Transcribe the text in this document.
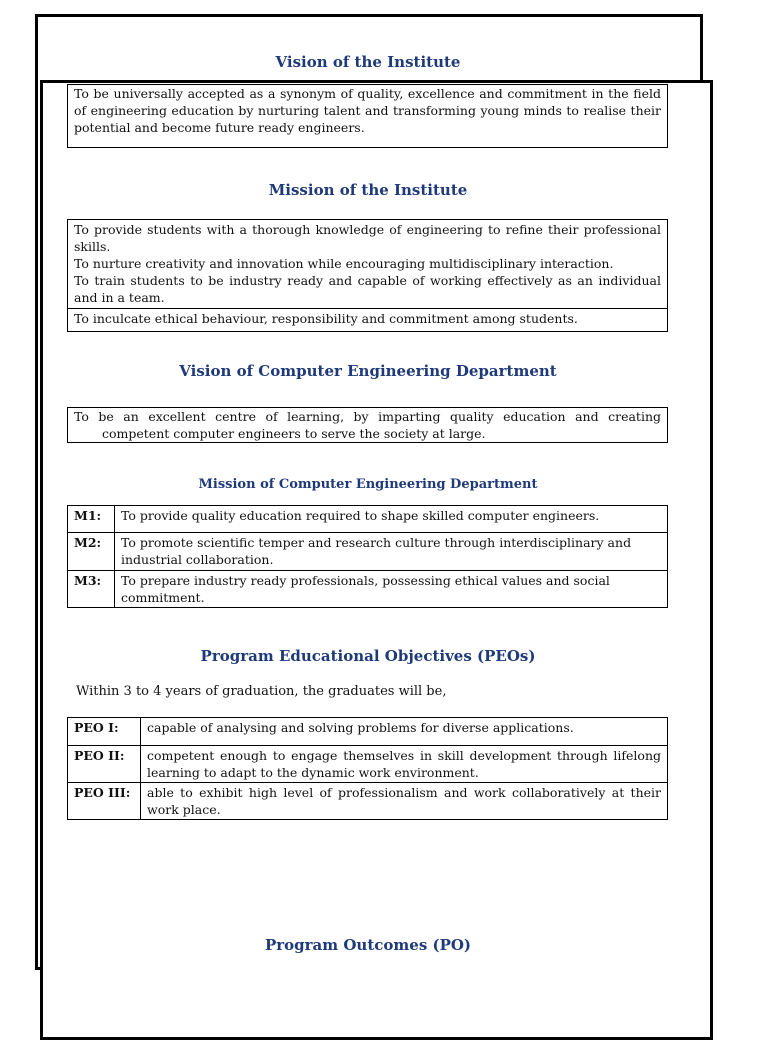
Vision of the Institute

To be universally accepted as a synonym of quality, excellence and commitment in the field of engineering education by nurturing talent and transforming young minds to realise their potential and become future ready engineers.

Mission of the Institute

To provide students with a thorough knowledge of engineering to refine their professional skills.

To nurture creativity and innovation while encouraging multidisciplinary interaction.

To train students to be industry ready and capable of working effectively as an individual and in a team.

To inculcate ethical behaviour, responsibility and commitment among students.

Vision of Computer Engineering Department

To be an excellent centre of learning, by imparting quality education and creating competent computer engineers to serve the society at large.

Mission of Computer Engineering Department
M1:	To provide quality education required to shape skilled computer engineers.
M2:	To promote scientific temper and research culture through interdisciplinary and industrial collaboration.
M3:	To prepare industry ready professionals, possessing ethical values and social commitment.
Program Educational Objectives (PEOs)
Within 3 to 4 years of graduation, the graduates will be,
PEO I:	capable of analysing and solving problems for diverse applications.
PEO II:	competent enough to engage themselves in skill development through lifelong learning to adapt to the dynamic work environment.
PEO III:	able to exhibit high level of professionalism and work collaboratively at their work place.
Program Outcomes (PO)
